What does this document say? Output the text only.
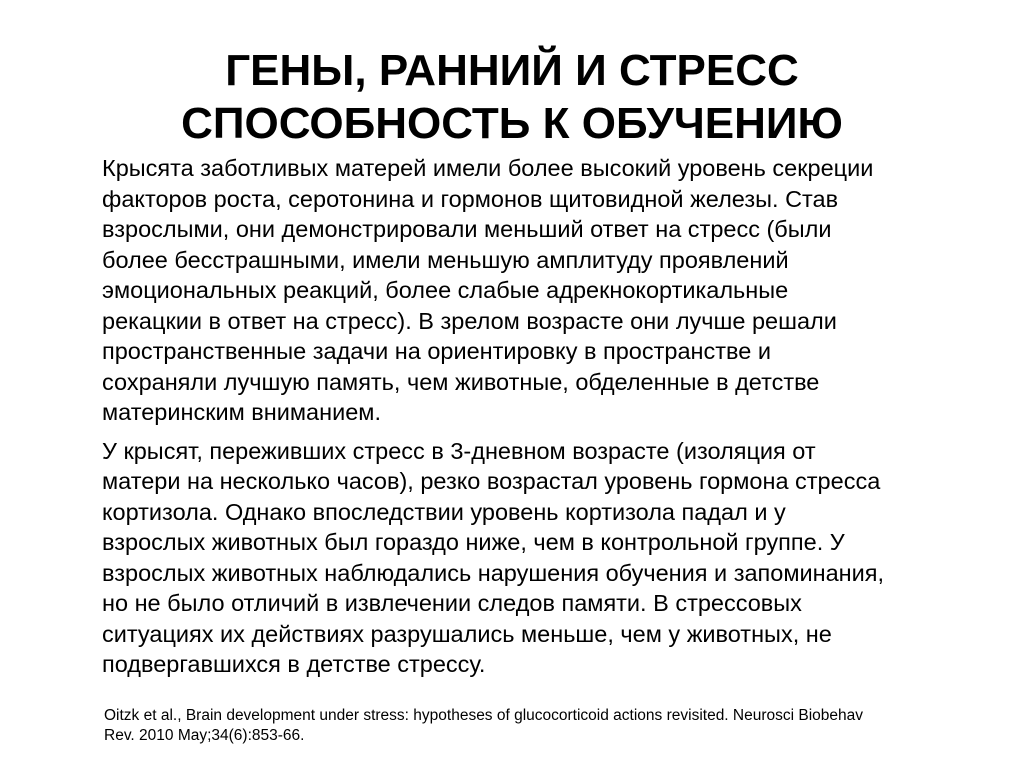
ГЕНЫ, РАННИЙ И СТРЕСС
СПОСОБНОСТЬ К ОБУЧЕНИЮ

Крысята заботливых матерей имели более высокий уровень секреции
факторов роста, серотонина и гормонов щитовидной железы. Став
взрослыми, они демонстрировали меньший ответ на стресс (были
более бесстрашными, имели меньшую амплитуду проявлений
эмоциональных реакций, более слабые адрекнокортикальные
рекацкии в ответ на стресс). В зрелом возрасте они лучше решали
пространственные задачи на ориентировку в пространстве и
сохраняли лучшую память, чем животные, обделенные в детстве
материнским вниманием.

У крысят, переживших стресс в 3-дневном возрасте (изоляция от
матери на несколько часов), резко возрастал уровень гормона стресса
кортизола. Однако впоследствии уровень кортизола падал и у
взрослых животных был гораздо ниже, чем в контрольной группе. У
взрослых животных наблюдались нарушения обучения и запоминания,
но не было отличий в извлечении следов памяти. В стрессовых
ситуациях их действиях разрушались меньше, чем у животных, не
подвергавшихся в детстве стрессу.

Oitzk et al., Brain development under stress: hypotheses of glucocorticoid actions revisited. Neurosci Biobehav
Rev. 2010 May;34(6):853-66.
